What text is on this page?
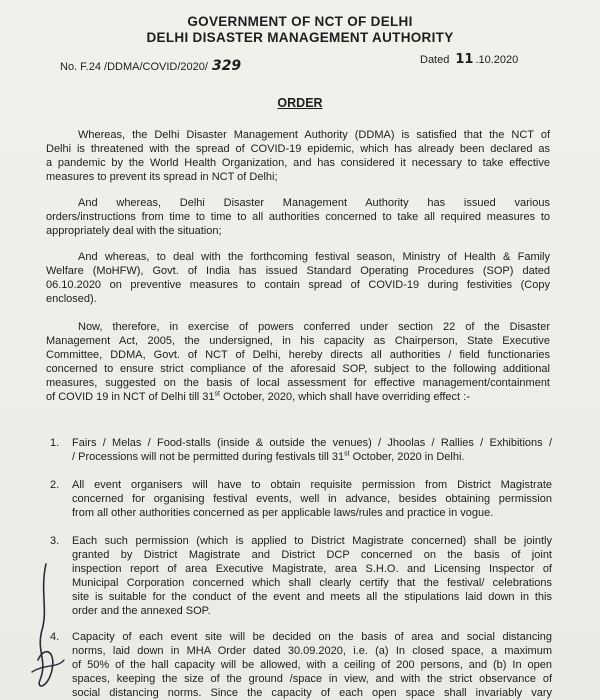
GOVERNMENT OF NCT OF DELHI
DELHI DISASTER MANAGEMENT AUTHORITY
No. F.24 /DDMA/COVID/2020/ 329	Dated 11 .10.2020
ORDER
Whereas, the Delhi Disaster Management Authority (DDMA) is satisfied that the NCT of
Delhi is threatened with the spread of COVID-19 epidemic, which has already been declared as
a pandemic by the World Health Organization, and has considered it necessary to take effective
measures to prevent its spread in NCT of Delhi;
And whereas, Delhi Disaster Management Authority has issued various
orders/instructions from time to time to all authorities concerned to take all required measures to
appropriately deal with the situation;
And whereas, to deal with the forthcoming festival season, Ministry of Health & Family
Welfare (MoHFW), Govt. of India has issued Standard Operating Procedures (SOP) dated
06.10.2020 on preventive measures to contain spread of COVID-19 during festivities (Copy
enclosed).
Now, therefore, in exercise of powers conferred under section 22 of the Disaster
Management Act, 2005, the undersigned, in his capacity as Chairperson, State Executive
Committee, DDMA, Govt. of NCT of Delhi, hereby directs all authorities / field functionaries
concerned to ensure strict compliance of the aforesaid SOP, subject to the following additional
measures, suggested on the basis of local assessment for effective management/containment
of COVID 19 in NCT of Delhi till 31st October, 2020, which shall have overriding effect :-
1. Fairs / Melas / Food-stalls (inside & outside the venues) / Jhoolas / Rallies / Exhibitions /
/ Processions will not be permitted during festivals till 31st October, 2020 in Delhi.
2. All event organisers will have to obtain requisite permission from District Magistrate
concerned for organising festival events, well in advance, besides obtaining permission
from all other authorities concerned as per applicable laws/rules and practice in vogue.
3. Each such permission (which is applied to District Magistrate concerned) shall be jointly
granted by District Magistrate and District DCP concerned on the basis of joint
inspection report of area Executive Magistrate, area S.H.O. and Licensing Inspector of
Municipal Corporation concerned which shall clearly certify that the festival/ celebrations
site is suitable for the conduct of the event and meets all the stipulations laid down in this
order and the annexed SOP.
4. Capacity of each event site will be decided on the basis of area and social distancing
norms, laid down in MHA Order dated 30.09.2020, i.e. (a) In closed space, a maximum
of 50% of the hall capacity will be allowed, with a ceiling of 200 persons, and (b) In open
spaces, keeping the size of the ground /space in view, and with the strict observance of
social distancing norms. Since the capacity of each open space shall invariably vary
